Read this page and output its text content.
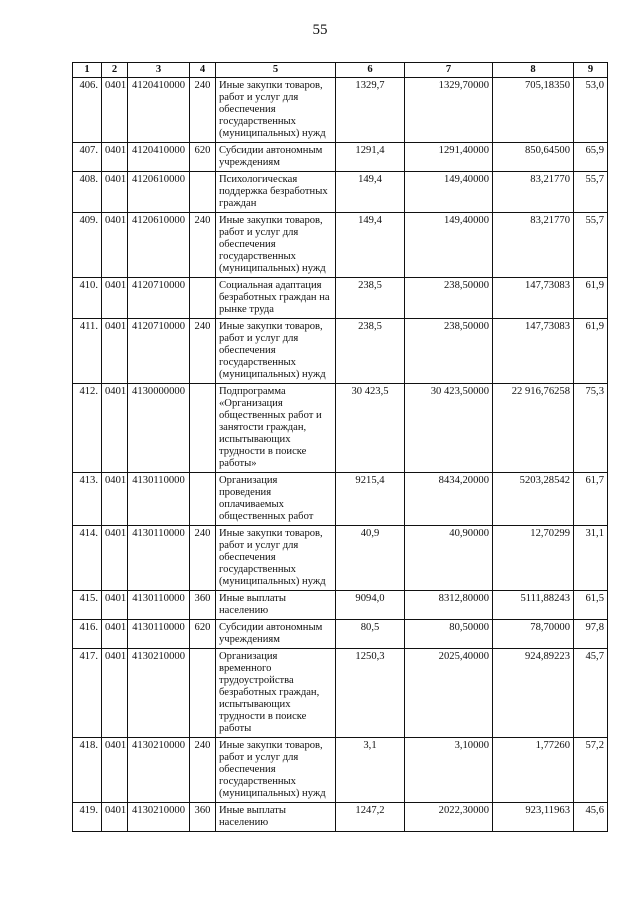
55
1	2	3	4	5	6	7	8	9
406.	0401	4120410000	240	Иные закупки товаров, работ и услуг для обеспечения государственных (муниципальных) нужд	1329,7	1329,70000	705,18350	53,0
407.	0401	4120410000	620	Субсидии автономным учреждениям	1291,4	1291,40000	850,64500	65,9
408.	0401	4120610000		Психологическая поддержка безработных граждан	149,4	149,40000	83,21770	55,7
409.	0401	4120610000	240	Иные закупки товаров, работ и услуг для обеспечения государственных (муниципальных) нужд	149,4	149,40000	83,21770	55,7
410.	0401	4120710000		Социальная адаптация безработных граждан на рынке труда	238,5	238,50000	147,73083	61,9
411.	0401	4120710000	240	Иные закупки товаров, работ и услуг для обеспечения государственных (муниципальных) нужд	238,5	238,50000	147,73083	61,9
412.	0401	4130000000		Подпрограмма «Организация общественных работ и занятости граждан, испытывающих трудности в поиске работы»	30 423,5	30 423,50000	22 916,76258	75,3
413.	0401	4130110000		Организация проведения оплачиваемых общественных работ	9215,4	8434,20000	5203,28542	61,7
414.	0401	4130110000	240	Иные закупки товаров, работ и услуг для обеспечения государственных (муниципальных) нужд	40,9	40,90000	12,70299	31,1
415.	0401	4130110000	360	Иные выплаты населению	9094,0	8312,80000	5111,88243	61,5
416.	0401	4130110000	620	Субсидии автономным учреждениям	80,5	80,50000	78,70000	97,8
417.	0401	4130210000		Организация временного трудоустройства безработных граждан, испытывающих трудности в поиске работы	1250,3	2025,40000	924,89223	45,7
418.	0401	4130210000	240	Иные закупки товаров, работ и услуг для обеспечения государственных (муниципальных) нужд	3,1	3,10000	1,77260	57,2
419.	0401	4130210000	360	Иные выплаты населению	1247,2	2022,30000	923,11963	45,6
